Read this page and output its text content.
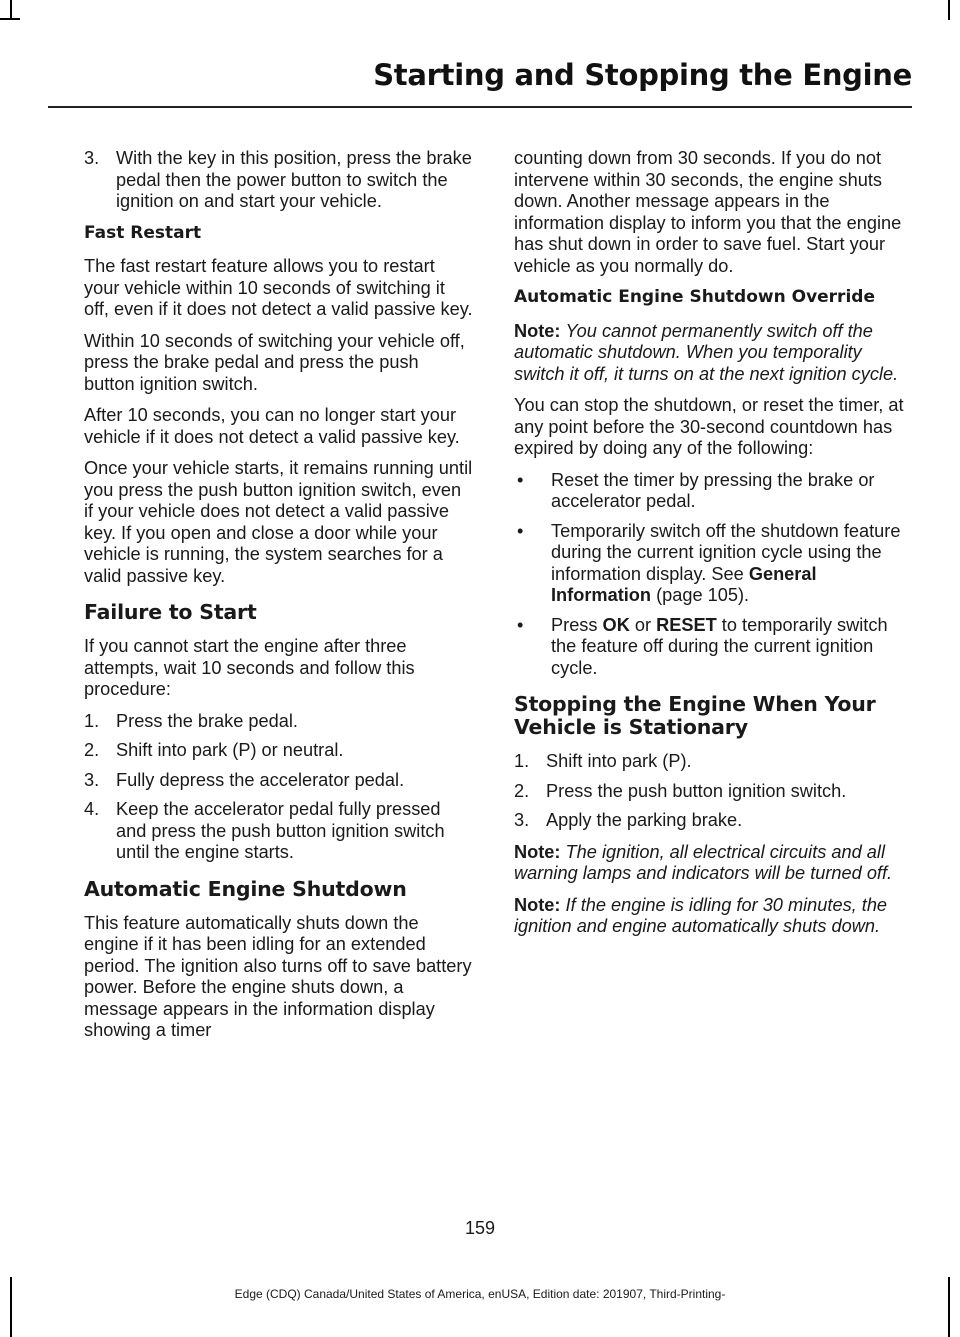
Starting and Stopping the Engine
3. With the key in this position, press the brake pedal then the power button to switch the ignition on and start your vehicle.
Fast Restart

The fast restart feature allows you to restart your vehicle within 10 seconds of switching it off, even if it does not detect a valid passive key.

Within 10 seconds of switching your vehicle off, press the brake pedal and press the push button ignition switch.

After 10 seconds, you can no longer start your vehicle if it does not detect a valid passive key.

Once your vehicle starts, it remains running until you press the push button ignition switch, even if your vehicle does not detect a valid passive key. If you open and close a door while your vehicle is running, the system searches for a valid passive key.

Failure to Start

If you cannot start the engine after three attempts, wait 10 seconds and follow this procedure:

1. Press the brake pedal.
2. Shift into park (P) or neutral.
3. Fully depress the accelerator pedal.
4. Keep the accelerator pedal fully pressed and press the push button ignition switch until the engine starts.
Automatic Engine Shutdown

This feature automatically shuts down the engine if it has been idling for an extended period. The ignition also turns off to save battery power. Before the engine shuts down, a message appears in the information display showing a timer

counting down from 30 seconds. If you do not intervene within 30 seconds, the engine shuts down. Another message appears in the information display to inform you that the engine has shut down in order to save fuel. Start your vehicle as you normally do.

Automatic Engine Shutdown Override

Note: You cannot permanently switch off the automatic shutdown. When you temporality switch it off, it turns on at the next ignition cycle.

You can stop the shutdown, or reset the timer, at any point before the 30-second countdown has expired by doing any of the following:

•	Reset the timer by pressing the brake or accelerator pedal.
•	Temporarily switch off the shutdown feature during the current ignition cycle using the information display. See General Information (page 105).
•	Press OK or RESET to temporarily switch the feature off during the current ignition cycle.
Stopping the Engine When Your Vehicle is Stationary
1. Shift into park (P).
2. Press the push button ignition switch.
3. Apply the parking brake.

Note: The ignition, all electrical circuits and all warning lamps and indicators will be turned off.

Note: If the engine is idling for 30 minutes, the ignition and engine automatically shuts down.

159
Edge (CDQ) Canada/United States of America, enUSA, Edition date: 201907, Third-Printing-
